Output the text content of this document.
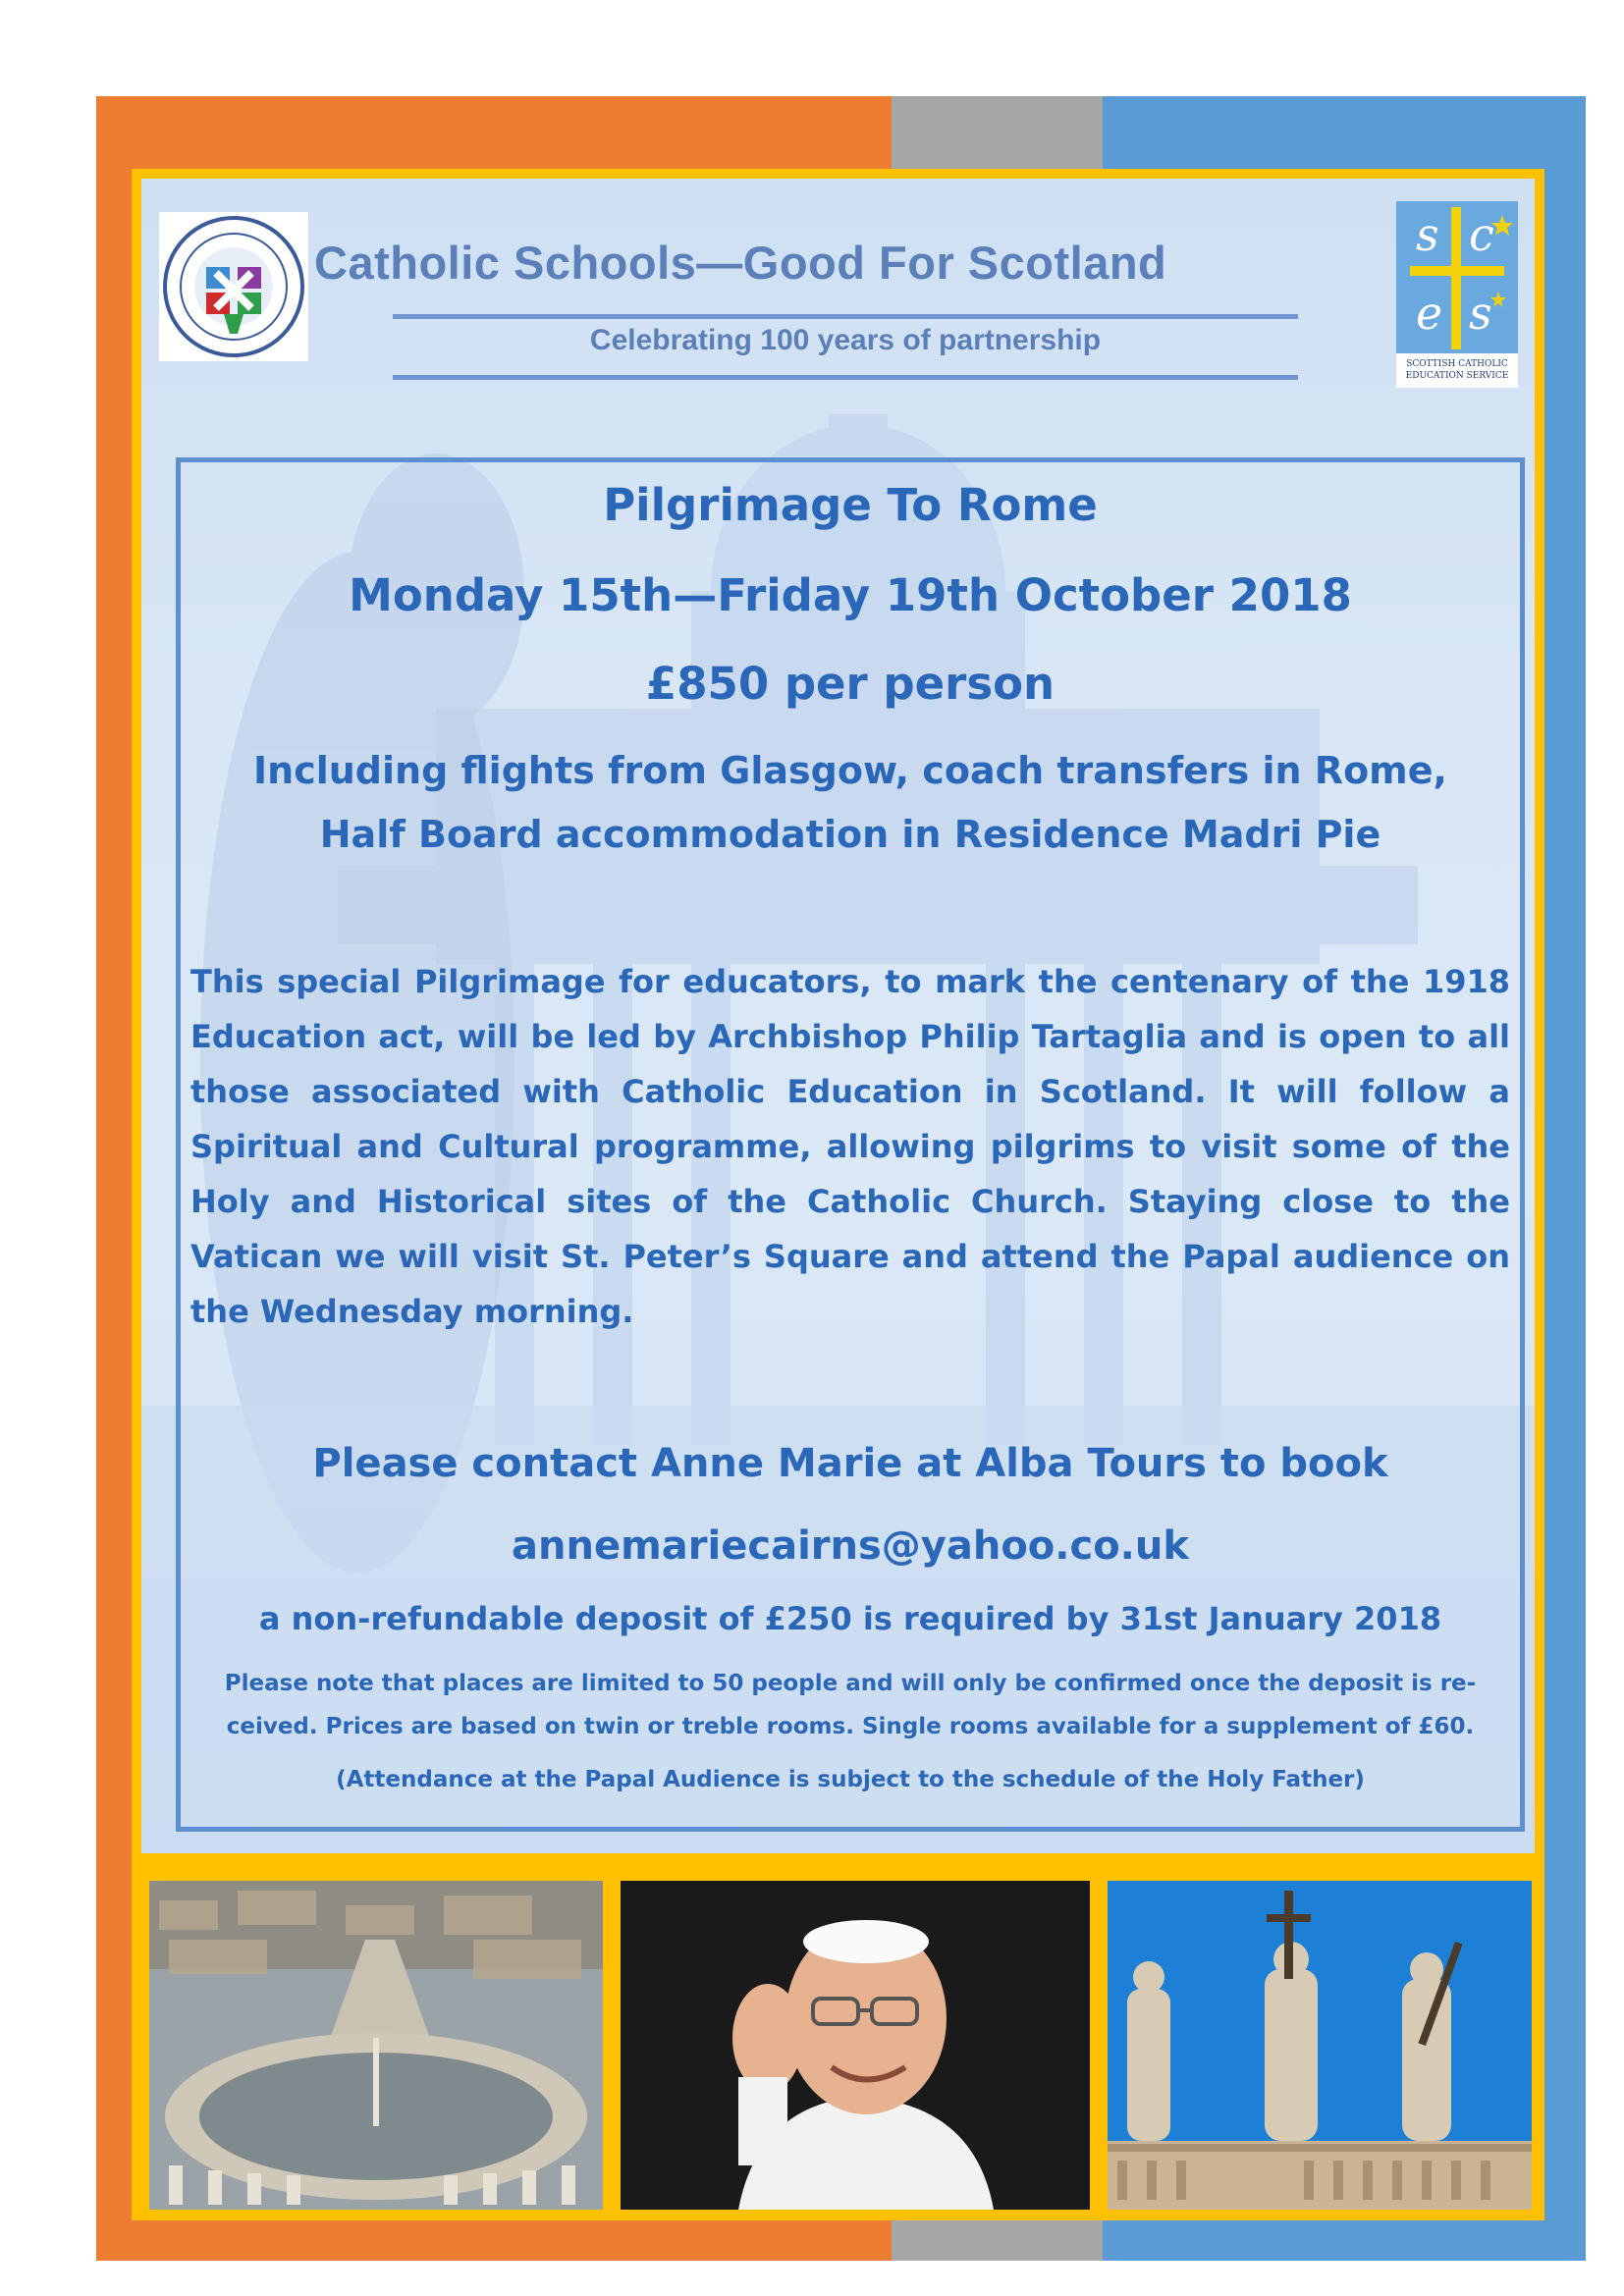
s c
e s
SCOTTISH CATHOLIC EDUCATION SERVICE
Catholic Schools—Good For Scotland
Celebrating 100 years of partnership
Pilgrimage To Rome
Monday 15th—Friday 19th October 2018
£850 per person
Including flights from Glasgow, coach transfers in Rome,
Half Board accommodation in Residence Madri Pie
This special Pilgrimage for educators, to mark the centenary of the 1918 Education act, will be led by Archbishop Philip Tartaglia and is open to all those associated with Catholic Education in Scotland. It will follow a Spiritual and Cultural programme, allowing pilgrims to visit some of the Holy and Historical sites of the Catholic Church. Staying close to the Vatican we will visit St. Peter’s Square and attend the Papal audience on the Wednesday morning.
Please contact Anne Marie at Alba Tours to book
annemariecairns@yahoo.co.uk
a non-refundable deposit of £250 is required by 31st January 2018
Please note that places are limited to 50 people and will only be confirmed once the deposit is re-
ceived. Prices are based on twin or treble rooms. Single rooms available for a supplement of £60.
(Attendance at the Papal Audience is subject to the schedule of the Holy Father)
